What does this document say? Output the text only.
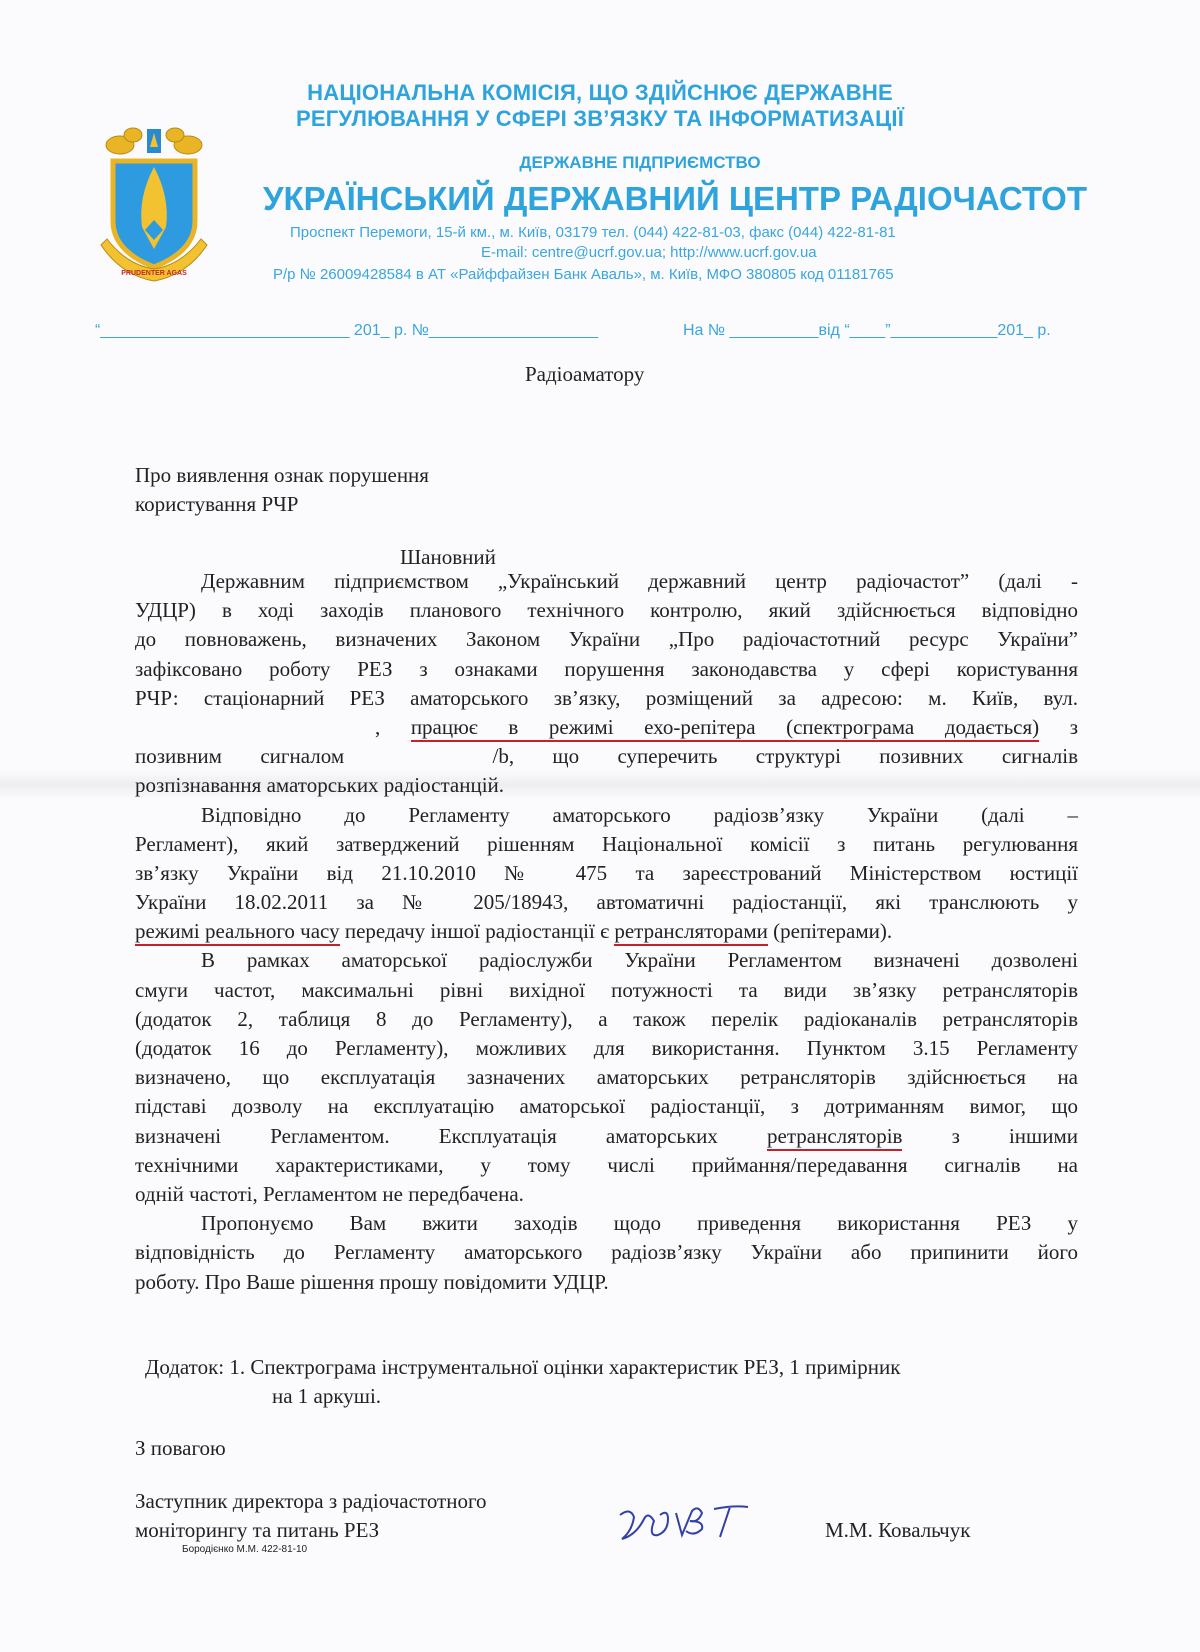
НАЦІОНАЛЬНА КОМІСІЯ, ЩО ЗДІЙСНЮЄ ДЕРЖАВНЕ
РЕГУЛЮВАННЯ У СФЕРІ ЗВ’ЯЗКУ ТА ІНФОРМАТИЗАЦІЇ
ДЕРЖАВНЕ ПІДПРИЄМСТВО
УКРАЇНСЬКИЙ ДЕРЖАВНИЙ ЦЕНТР РАДІОЧАСТОТ
Проспект Перемоги, 15-й км., м. Київ, 03179 тел. (044) 422-81-03, факс (044) 422-81-81
E-mail: centre@ucrf.gov.ua; http://www.ucrf.gov.ua
Р/р № 26009428584 в АТ «Райффайзен Банк Аваль», м. Київ, МФО 380805 код 01181765
PRUDENTER AGAS
“____________________________ 201_ р. №___________________	На № __________від “____”____________201_ р.
Радіоаматору
Про виявлення ознак порушення
користування РЧР
Шановний
Державним підприємством „Український державний центр радіочастот” (далі -
УДЦР) в ході заходів планового технічного контролю, який здійснюється відповідно
до повноважень, визначених Законом України „Про радіочастотний ресурс України”
зафіксовано роботу РЕЗ з ознаками порушення законодавства у сфері користування
РЧР: стаціонарний РЕЗ аматорського зв’язку, розміщений за адресою: м. Київ, вул.
, працює в режимі ехо-репітера (спектрограма додається) з
позивним сигналом	/b, що суперечить структурі позивних сигналів
розпізнавання аматорських радіостанцій.
Відповідно до Регламенту аматорського радіозв’язку України (далі –
Регламент), який затверджений рішенням Національної комісії з питань регулювання
зв’язку України від 21.10.2010 № 475 та зареєстрований Міністерством юстиції
України 18.02.2011 за № 205/18943, автоматичні радіостанції, які транслюють у
режимі реального часу передачу іншої радіостанції є ретрансляторами (репітерами).
В рамках аматорської радіослужби України Регламентом визначені дозволені
смуги частот, максимальні рівні вихідної потужності та види зв’язку ретрансляторів
(додаток 2, таблиця 8 до Регламенту), а також перелік радіоканалів ретрансляторів
(додаток 16 до Регламенту), можливих для використання. Пунктом 3.15 Регламенту
визначено, що експлуатація зазначених аматорських ретрансляторів здійснюється на
підставі дозволу на експлуатацію аматорської радіостанції, з дотриманням вимог, що
визначені Регламентом. Експлуатація аматорських ретрансляторів з іншими
технічними характеристиками, у тому числі приймання/передавання сигналів на
одній частоті, Регламентом не передбачена.
Пропонуємо Вам вжити заходів щодо приведення використання РЕЗ у
відповідність до Регламенту аматорського радіозв’язку України або припинити його
роботу. Про Ваше рішення прошу повідомити УДЦР.
Додаток: 1. Спектрограма інструментальної оцінки характеристик РЕЗ, 1 примірник
на 1 аркуші.
З повагою
Заступник директора з радіочастотного
моніторингу та питань РЕЗ	М.М. Ковальчук
Бородієнко М.М. 422-81-10
